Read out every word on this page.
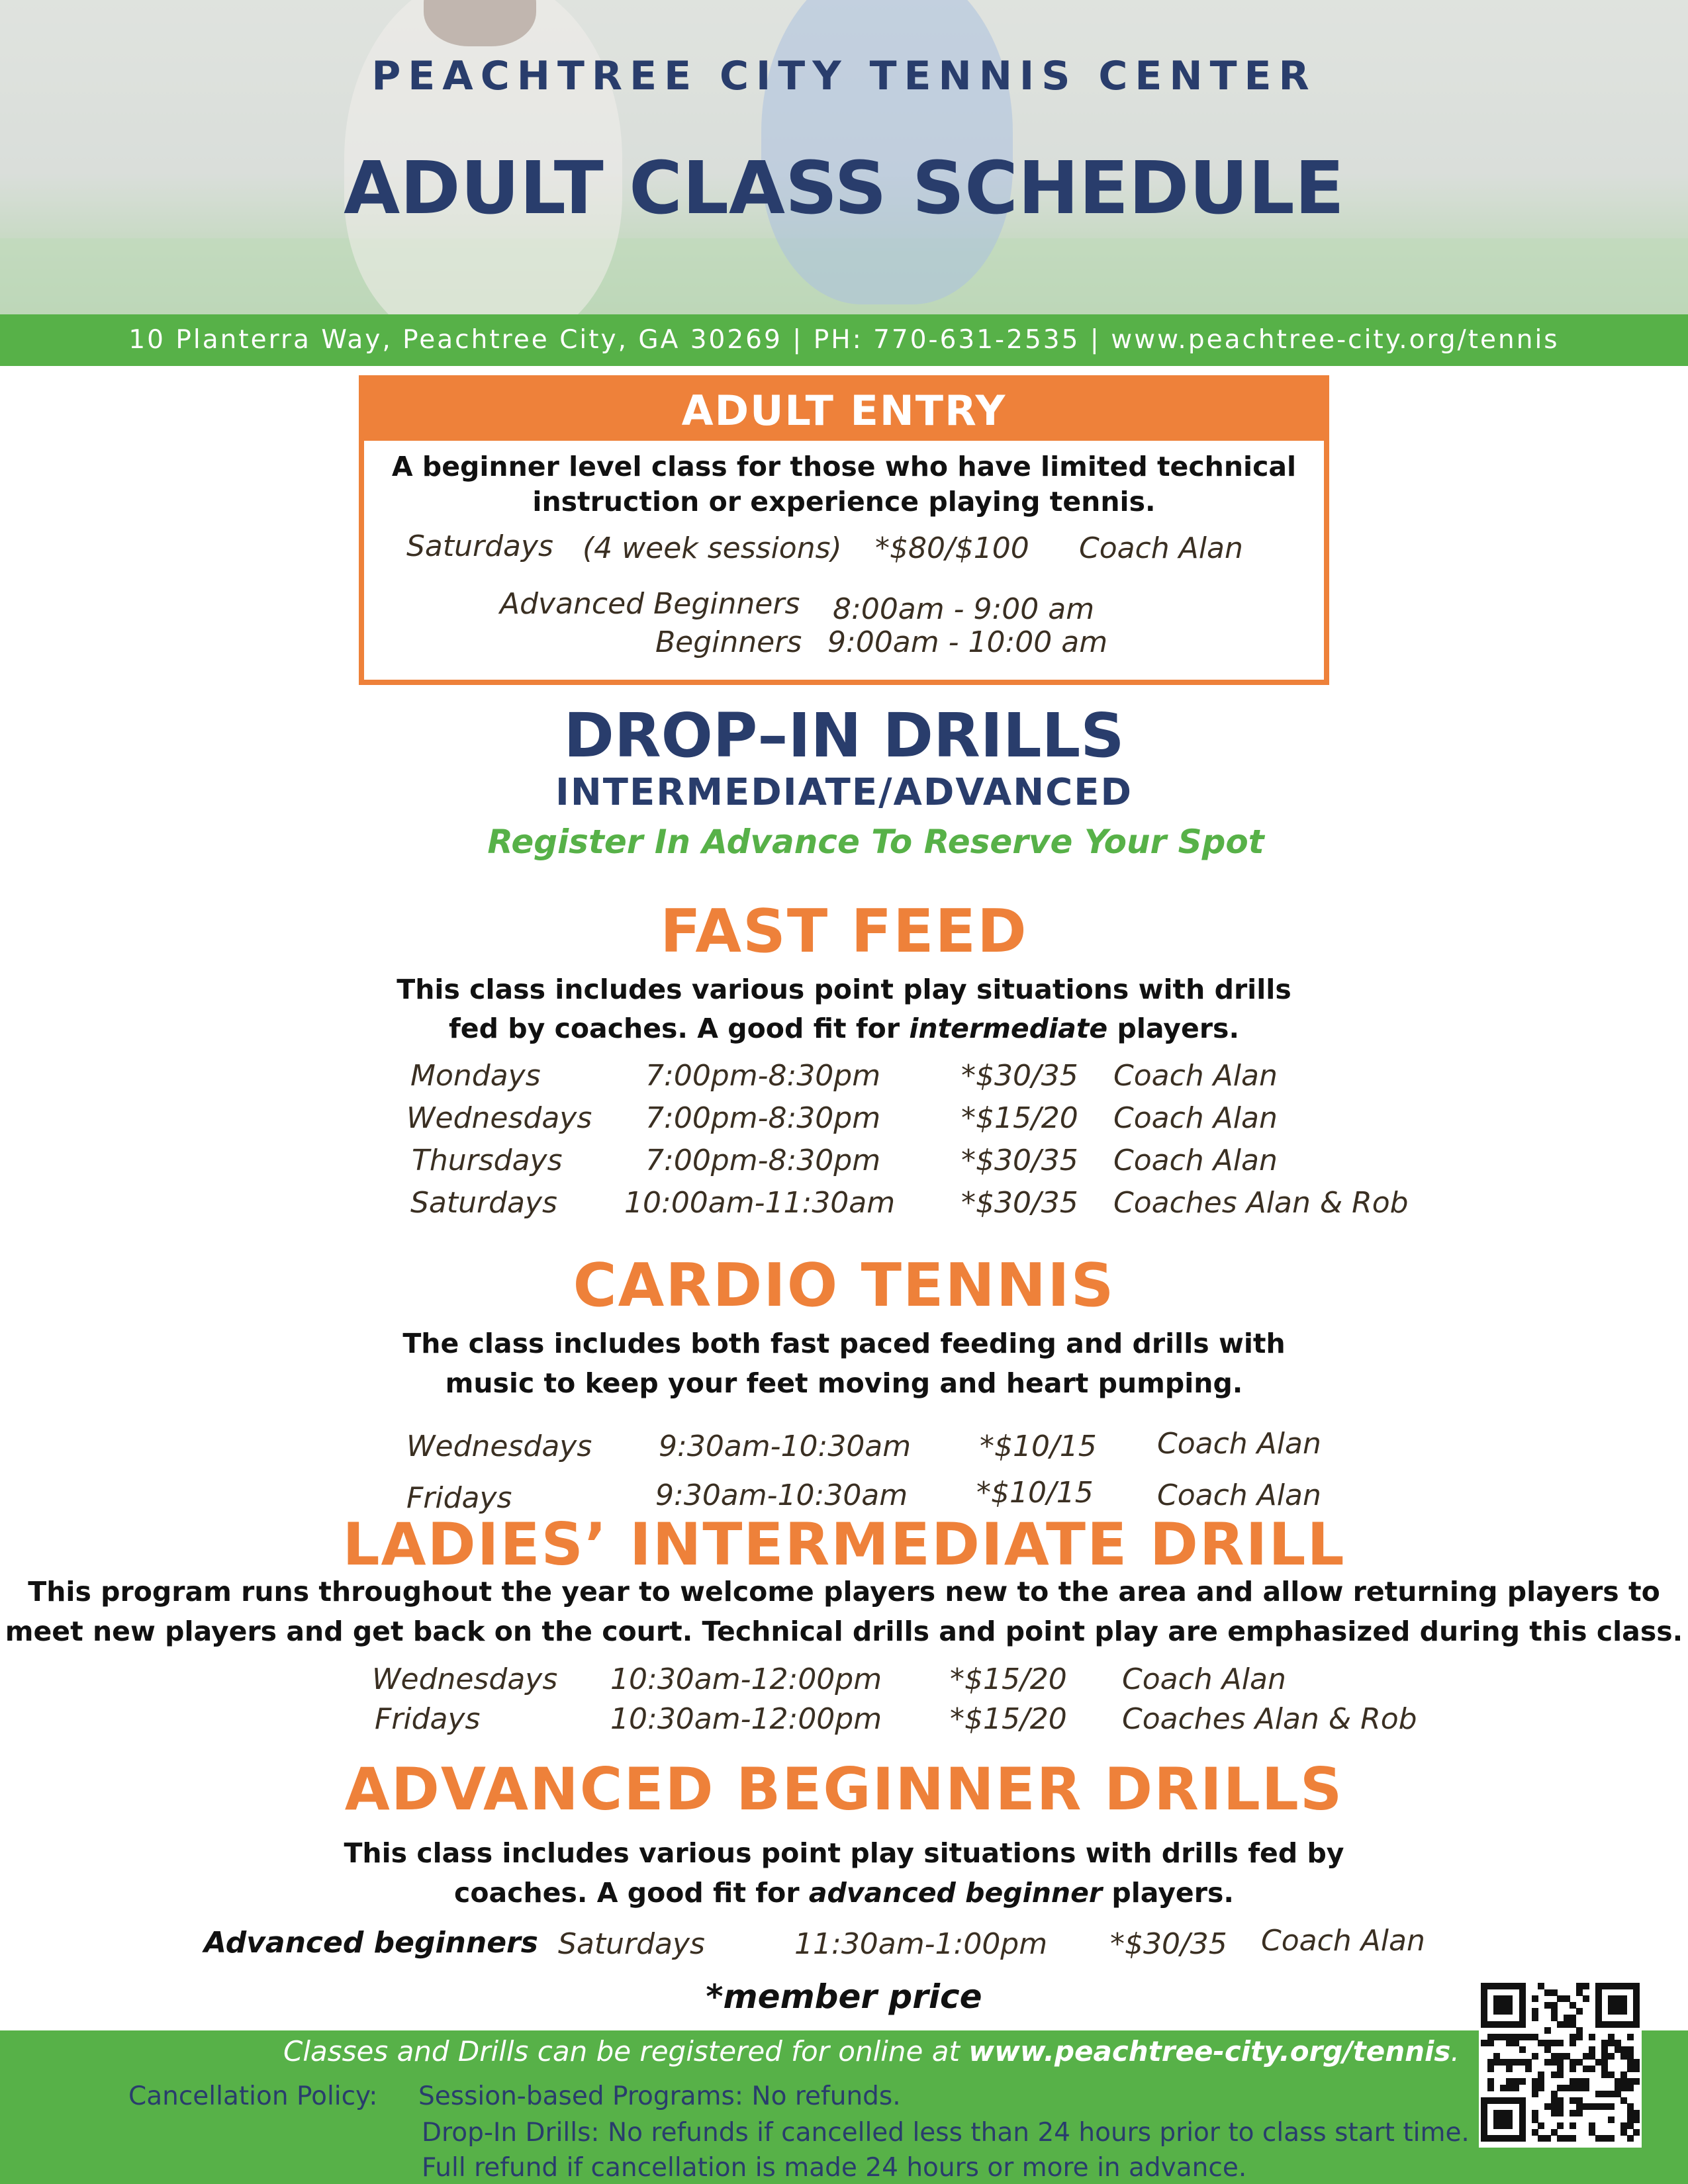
PEACHTREE CITY TENNIS CENTER
ADULT CLASS SCHEDULE
10 Planterra Way, Peachtree City, GA 30269 | PH: 770-631-2535 | www.peachtree-city.org/tennis
ADULT ENTRY
A beginner level class for those who have limited technical
instruction or experience playing tennis.
Saturdays (4 week sessions) *$80/$100 Coach Alan
Advanced Beginners 8:00am - 9:00 am
Beginners 9:00am - 10:00 am
DROP–IN DRILLS
INTERMEDIATE/ADVANCED
Register In Advance To Reserve Your Spot
FAST FEED
This class includes various point play situations with drills
fed by coaches. A good fit for intermediate players.
Mondays	7:00pm-8:30pm	*$30/35 Coach Alan
Wednesdays 7:00pm-8:30pm	*$15/20 Coach Alan
Thursdays	7:00pm-8:30pm	*$30/35 Coach Alan
Saturdays 10:00am-11:30am *$30/35 Coaches Alan & Rob
CARDIO TENNIS
The class includes both fast paced feeding and drills with
music to keep your feet moving and heart pumping.
Wednesdays 9:30am-10:30am *$10/15 Coach Alan
Fridays	9:30am-10:30am *$10/15 Coach Alan
LADIES’ INTERMEDIATE DRILL
This program runs throughout the year to welcome players new to the area and allow returning players to
meet new players and get back on the court. Technical drills and point play are emphasized during this class.
Wednesdays 10:30am-12:00pm *$15/20 Coach Alan
Fridays	10:30am-12:00pm *$15/20 Coaches Alan & Rob
ADVANCED BEGINNER DRILLS
This class includes various point play situations with drills fed by
coaches. A good fit for advanced beginner players.
Advanced beginners Saturdays	11:30am-1:00pm *$30/35 Coach Alan
*member price
Classes and Drills can be registered for online at www.peachtree-city.org/tennis.
Cancellation Policy: Session-based Programs: No refunds.
Drop-In Drills: No refunds if cancelled less than 24 hours prior to class start time.
Full refund if cancellation is made 24 hours or more in advance.
